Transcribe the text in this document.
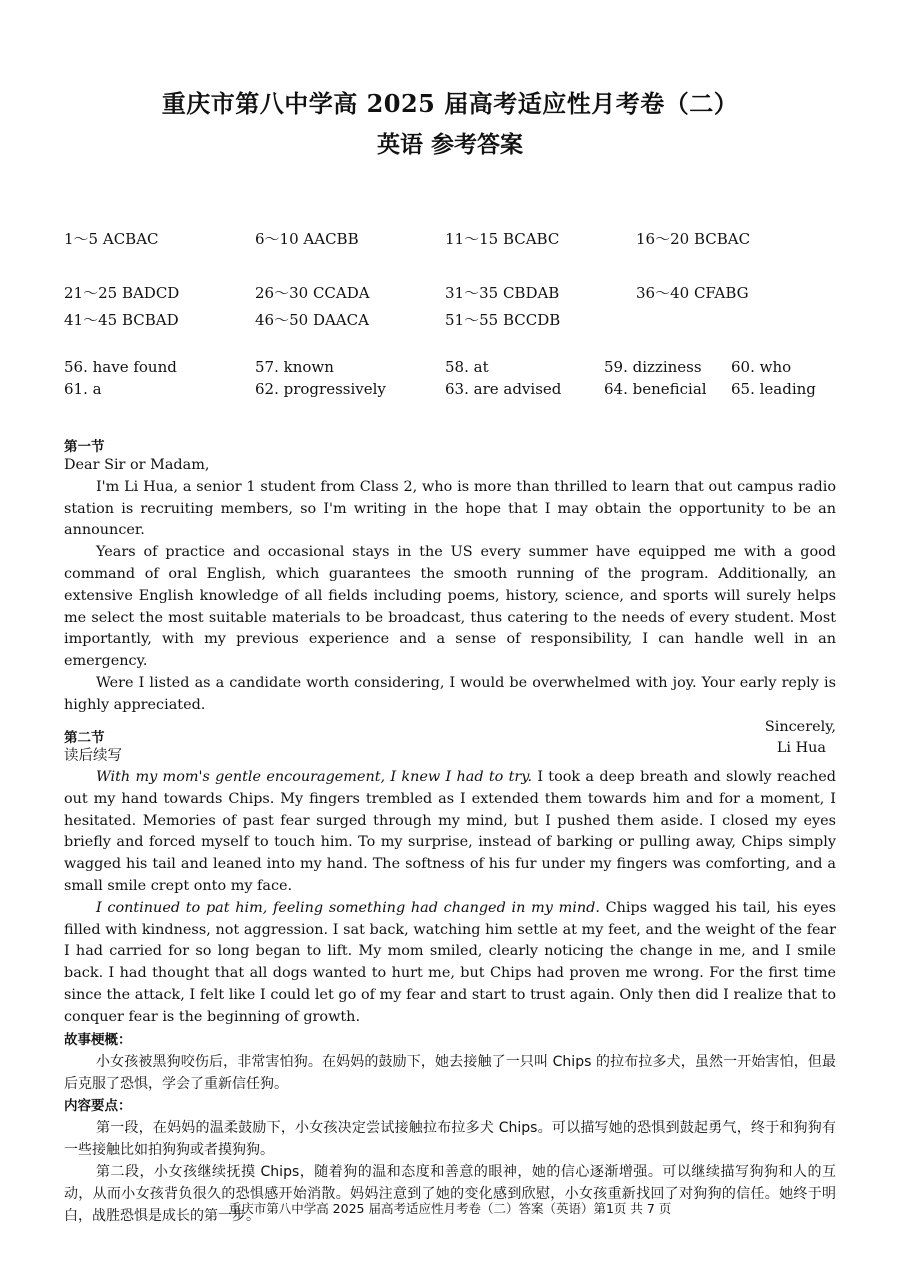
重庆市第八中学高 2025 届高考适应性月考卷（二）
英语 参考答案
1～5 ACBAC	6～10 AACBB	11～15 BCABC	16～20 BCBAC
21～25 BADCD	26～30 CCADA	31～35 CBDAB	36～40 CFABG
41～45 BCBAD	46～50 DAACA	51～55 BCCDB
56. have found	57. known	58. at	59. dizziness 60. who
61. a	62. progressively	63. are advised	64. beneficial 65. leading
第一节

Dear Sir or Madam,

I'm Li Hua, a senior 1 student from Class 2, who is more than thrilled to learn that out campus radio station is recruiting members, so I'm writing in the hope that I may obtain the opportunity to be an announcer.

Years of practice and occasional stays in the US every summer have equipped me with a good command of oral English, which guarantees the smooth running of the program. Additionally, an extensive English knowledge of all fields including poems, history, science, and sports will surely helps me select the most suitable materials to be broadcast, thus catering to the needs of every student. Most importantly, with my previous experience and a sense of responsibility, I can handle well in an emergency.

Were I listed as a candidate worth considering, I would be overwhelmed with joy. Your early reply is highly appreciated.

Sincerely,

Li Hua

第二节

读后续写

With my mom's gentle encouragement, I knew I had to try. I took a deep breath and slowly reached out my hand towards Chips. My fingers trembled as I extended them towards him and for a moment, I hesitated. Memories of past fear surged through my mind, but I pushed them aside. I closed my eyes briefly and forced myself to touch him. To my surprise, instead of barking or pulling away, Chips simply wagged his tail and leaned into my hand. The softness of his fur under my fingers was comforting, and a small smile crept onto my face.

I continued to pat him, feeling something had changed in my mind. Chips wagged his tail, his eyes filled with kindness, not aggression. I sat back, watching him settle at my feet, and the weight of the fear I had carried for so long began to lift. My mom smiled, clearly noticing the change in me, and I smile back. I had thought that all dogs wanted to hurt me, but Chips had proven me wrong. For the first time since the attack, I felt like I could let go of my fear and start to trust again. Only then did I realize that to conquer fear is the beginning of growth.

故事梗概：

小女孩被黑狗咬伤后，非常害怕狗。在妈妈的鼓励下，她去接触了一只叫 Chips 的拉布拉多犬，虽然一开始害怕，但最后克服了恐惧，学会了重新信任狗。

内容要点：

第一段，在妈妈的温柔鼓励下，小女孩决定尝试接触拉布拉多犬 Chips。可以描写她的恐惧到鼓起勇气，终于和狗狗有一些接触比如拍狗狗或者摸狗狗。

第二段，小女孩继续抚摸 Chips，随着狗的温和态度和善意的眼神，她的信心逐渐增强。可以继续描写狗狗和人的互动，从而小女孩背负很久的恐惧感开始消散。妈妈注意到了她的变化感到欣慰，小女孩重新找回了对狗狗的信任。她终于明白，战胜恐惧是成长的第一步。

重庆市第八中学高 2025 届高考适应性月考卷（二）答案（英语）第1页 共 7 页
